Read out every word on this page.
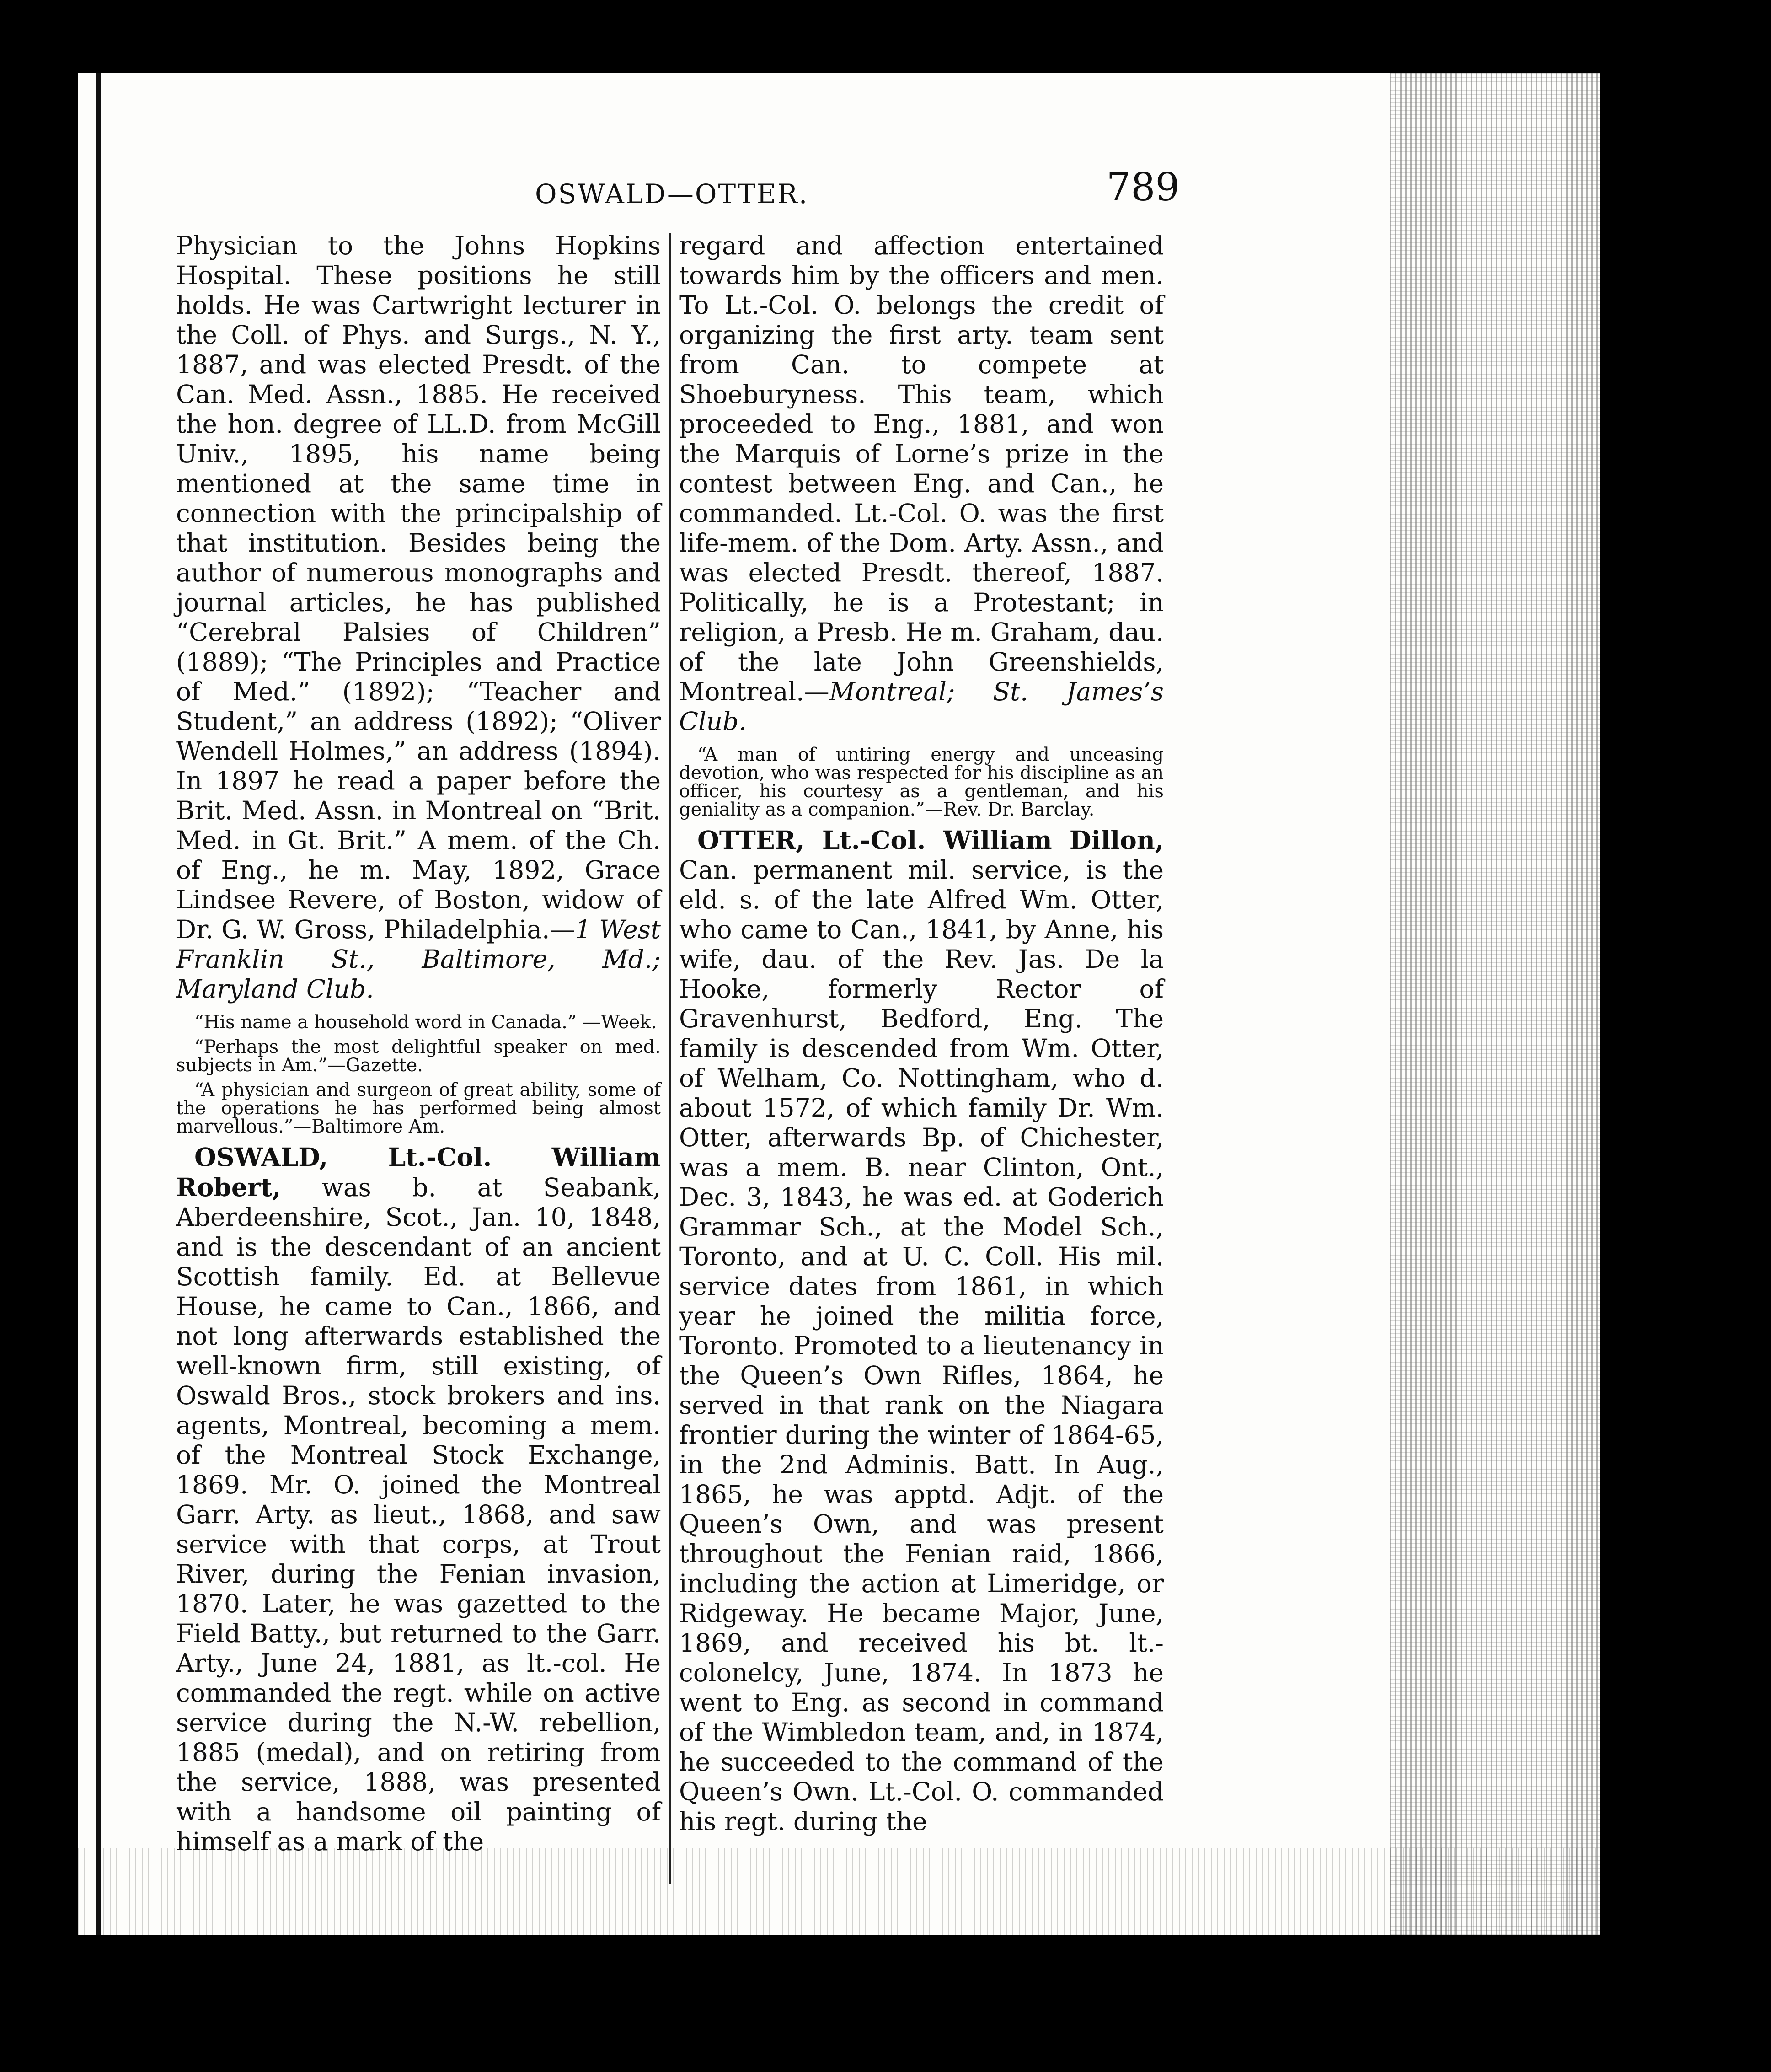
OSWALD—OTTER.	789

Physician to the Johns Hopkins Hospital. These positions he still holds. He was Cartwright lecturer in the Coll. of Phys. and Surgs., N. Y., 1887, and was elected Presdt. of the Can. Med. Assn., 1885. He received the hon. degree of LL.D. from McGill Univ., 1895, his name being mentioned at the same time in connection with the principalship of that institution. Besides being the author of numerous monographs and journal articles, he has published “Cerebral Palsies of Children” (1889); “The Principles and Practice of Med.” (1892); “Teacher and Student,” an address (1892); “Oliver Wendell Holmes,” an address (1894). In 1897 he read a paper before the Brit. Med. Assn. in Montreal on “Brit. Med. in Gt. Brit.” A mem. of the Ch. of Eng., he m. May, 1892, Grace Lindsee Revere, of Boston, widow of Dr. G. W. Gross, Philadelphia.—1 West Franklin St., Baltimore, Md.; Maryland Club.

“His name a household word in Canada.” —Week.

“Perhaps the most delightful speaker on med. subjects in Am.”—Gazette.

“A physician and surgeon of great ability, some of the operations he has performed being almost marvellous.”—Baltimore Am.

OSWALD, Lt.-Col. William Robert, was b. at Seabank, Aberdeenshire, Scot., Jan. 10, 1848, and is the descendant of an ancient Scottish family. Ed. at Bellevue House, he came to Can., 1866, and not long afterwards established the well-known firm, still existing, of Oswald Bros., stock brokers and ins. agents, Montreal, becoming a mem. of the Montreal Stock Exchange, 1869. Mr. O. joined the Montreal Garr. Arty. as lieut., 1868, and saw service with that corps, at Trout River, during the Fenian invasion, 1870. Later, he was gazetted to the Field Batty., but returned to the Garr. Arty., June 24, 1881, as lt.-col. He commanded the regt. while on active service during the N.-W. rebellion, 1885 (medal), and on retiring from the service, 1888, was presented with a handsome oil painting of himself as a mark of the

regard and affection entertained towards him by the officers and men. To Lt.-Col. O. belongs the credit of organizing the first arty. team sent from Can. to compete at Shoeburyness. This team, which proceeded to Eng., 1881, and won the Marquis of Lorne’s prize in the contest between Eng. and Can., he commanded. Lt.-Col. O. was the first life-mem. of the Dom. Arty. Assn., and was elected Presdt. thereof, 1887. Politically, he is a Protestant; in religion, a Presb. He m. Graham, dau. of the late John Greenshields, Montreal.—Montreal; St. James’s Club.

“A man of untiring energy and unceasing devotion, who was respected for his discipline as an officer, his courtesy as a gentleman, and his geniality as a companion.”—Rev. Dr. Barclay.

OTTER, Lt.-Col. William Dillon, Can. permanent mil. service, is the eld. s. of the late Alfred Wm. Otter, who came to Can., 1841, by Anne, his wife, dau. of the Rev. Jas. De la Hooke, formerly Rector of Gravenhurst, Bedford, Eng. The family is descended from Wm. Otter, of Welham, Co. Nottingham, who d. about 1572, of which family Dr. Wm. Otter, afterwards Bp. of Chichester, was a mem. B. near Clinton, Ont., Dec. 3, 1843, he was ed. at Goderich Grammar Sch., at the Model Sch., Toronto, and at U. C. Coll. His mil. service dates from 1861, in which year he joined the militia force, Toronto. Promoted to a lieutenancy in the Queen’s Own Rifles, 1864, he served in that rank on the Niagara frontier during the winter of 1864-65, in the 2nd Adminis. Batt. In Aug., 1865, he was apptd. Adjt. of the Queen’s Own, and was present throughout the Fenian raid, 1866, including the action at Limeridge, or Ridgeway. He became Major, June, 1869, and received his bt. lt.-colonelcy, June, 1874. In 1873 he went to Eng. as second in command of the Wimbledon team, and, in 1874, he succeeded to the command of the Queen’s Own. Lt.-Col. O. commanded his regt. during the
